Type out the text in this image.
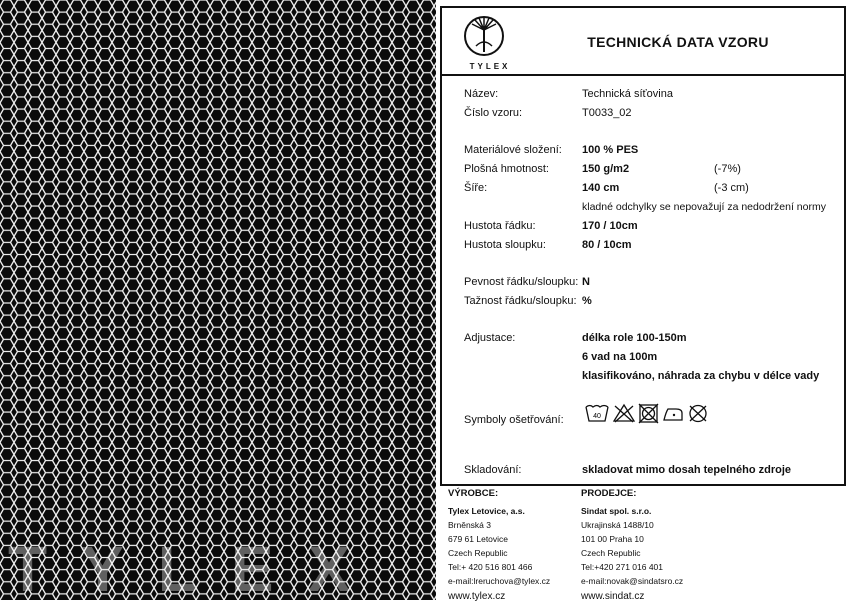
TYLEX
TYLEX
TECHNICKÁ DATA VZORU
Název:	Technická síťovina
Číslo vzoru:	T0033_02
Materiálové složení: 100 % PES
Plošná hmotnost:	150 g/m2	(-7%)
Šíře:	140 cm	(-3 cm)
kladné odchylky se nepovažují za nedodržení normy
Hustota řádku:	170 / 10cm
Hustota sloupku:	80 / 10cm
Pevnost řádku/sloupku: N
Tažnost řádku/sloupku: %
Adjustace:	délka role 100-150m
6 vad na 100m
klasifikováno, náhrada za chybu v délce vady
Symboly ošetřování:	40
Skladování:	skladovat mimo dosah tepelného zdroje
VÝROBCE:
Tylex Letovice, a.s.
Brněnská 3
679 61 Letovice
Czech Republic
Tel:+ 420 516 801 466
e-mail:lreruchova@tylex.cz
www.tylex.cz
PRODEJCE:
Sindat spol. s.r.o.
Ukrajinská 1488/10
101 00 Praha 10
Czech Republic
Tel:+420 271 016 401
e-mail:novak@sindatsro.cz
www.sindat.cz
